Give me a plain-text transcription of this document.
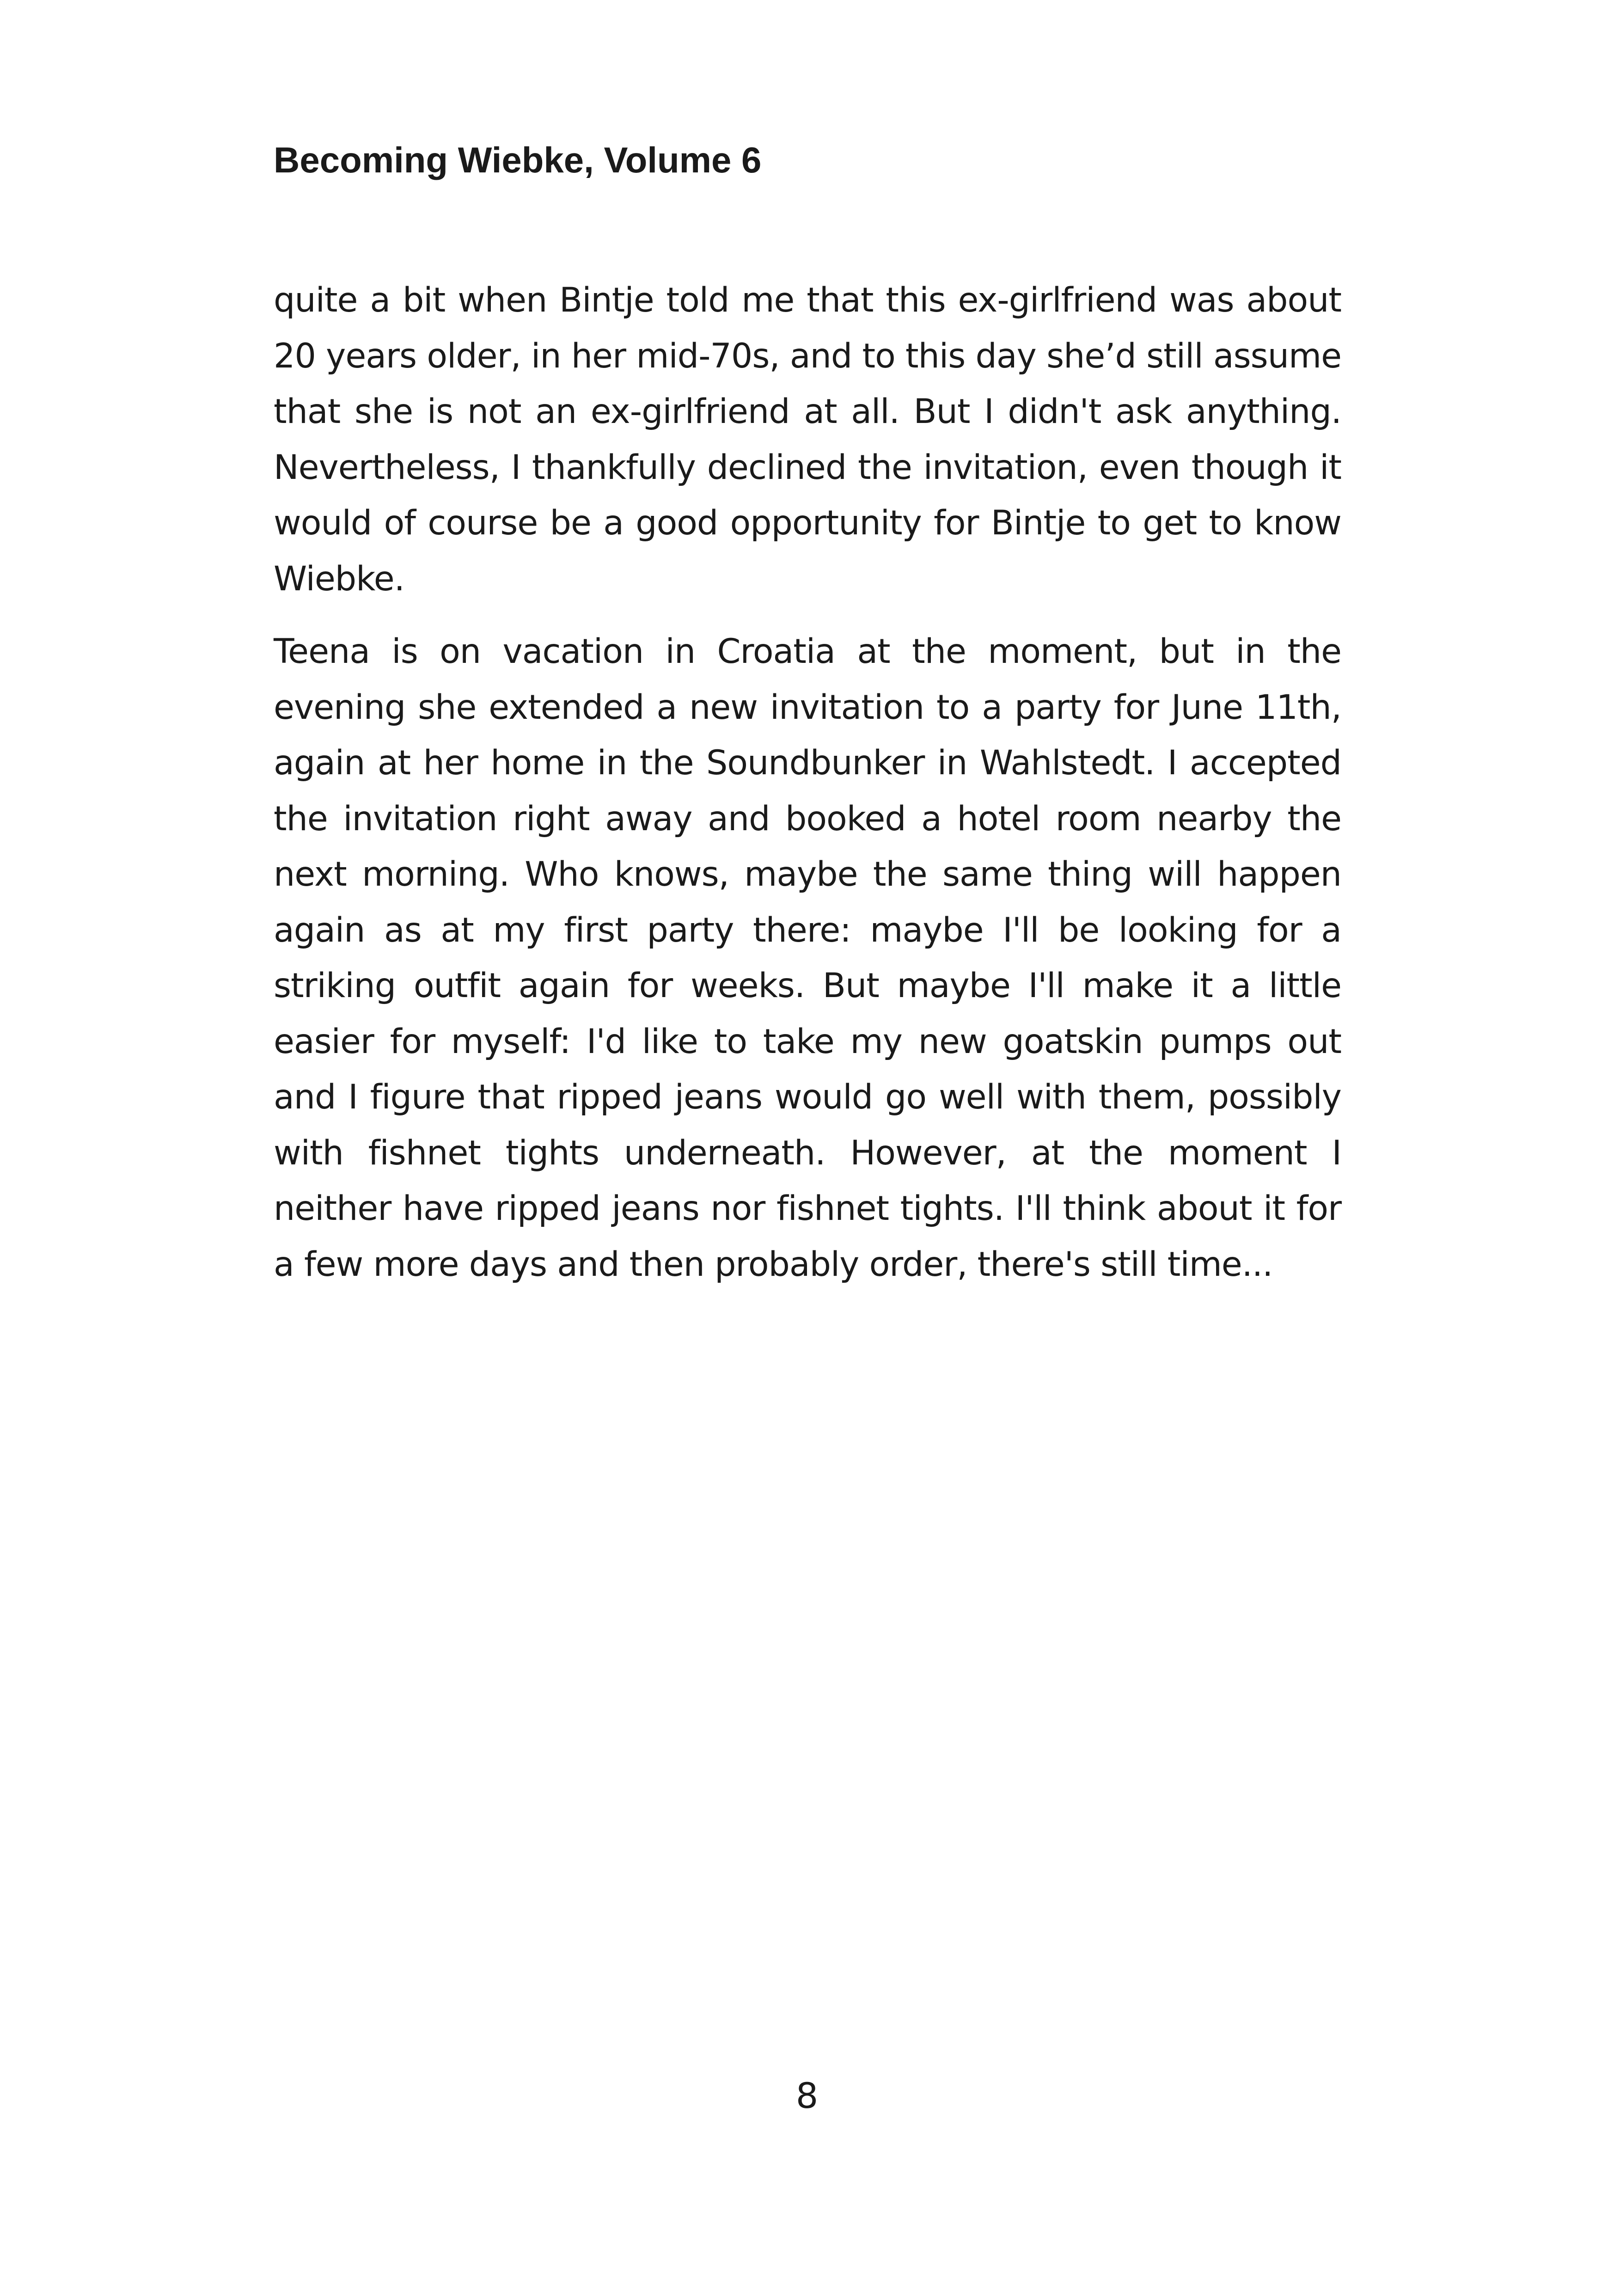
Becoming Wiebke, Volume 6

quite a bit when Bintje told me that this ex-girlfriend was about 20 years older, in her mid-70s, and to this day she’d still assume that she is not an ex-girlfriend at all. But I didn't ask anything. Nevertheless, I thankfully declined the invitation, even though it would of course be a good opportunity for Bintje to get to know Wiebke.

Teena is on vacation in Croatia at the moment, but in the evening she extended a new invitation to a party for June 11th, again at her home in the Soundbunker in Wahlstedt. I accepted the invitation right away and booked a hotel room nearby the next morning. Who knows, maybe the same thing will happen again as at my first party there: maybe I'll be looking for a striking outfit again for weeks. But maybe I'll make it a little easier for myself: I'd like to take my new goatskin pumps out and I figure that ripped jeans would go well with them, possibly with fishnet tights underneath. However, at the moment I neither have ripped jeans nor fishnet tights. I'll think about it for a few more days and then probably order, there's still time...

8
